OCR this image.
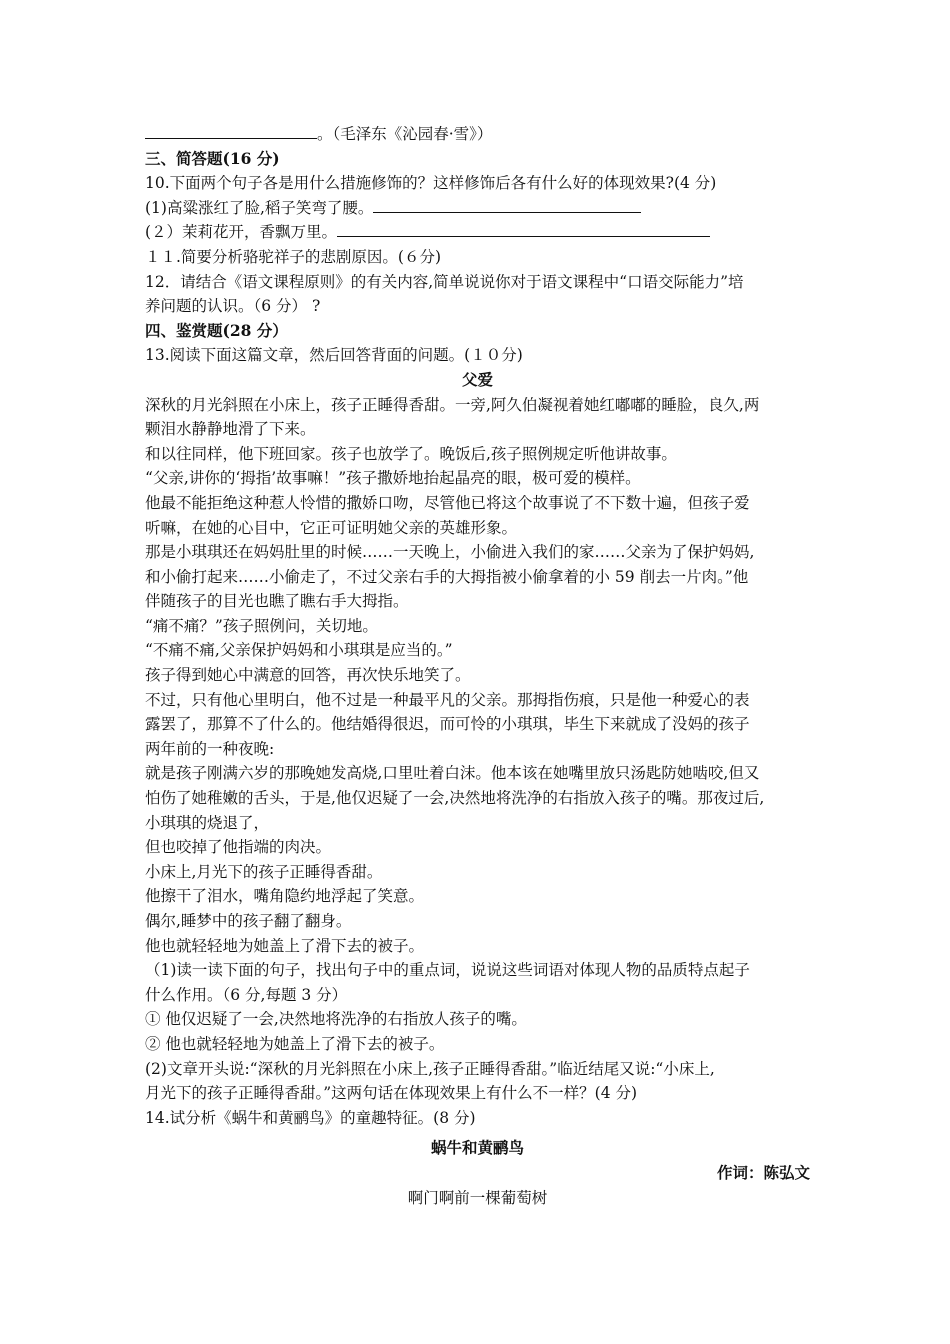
。（毛泽东《沁园春·雪》）
三、简答题(16 分)
10.下面两个句子各是用什么措施修饰的？这样修饰后各有什么好的体现效果?(4 分)
(1)高粱涨红了脸,稻子笑弯了腰。
(２）茉莉花开，香飘万里。
１１.简要分析骆驼祥子的悲剧原因。(６分)
12．请结合《语文课程原则》的有关内容,简单说说你对于语文课程中“口语交际能力”培
养问题的认识。（6 分） ?
四、鉴赏题(28 分）
13.阅读下面这篇文章，然后回答背面的问题。(１０分)
父爱
深秋的月光斜照在小床上，孩子正睡得香甜。一旁,阿久伯凝视着她红嘟嘟的睡脸，良久,两
颗泪水静静地滑了下来。
和以往同样，他下班回家。孩子也放学了。晚饭后,孩子照例规定听他讲故事。
“父亲,讲你的‘拇指’故事嘛！”孩子撒娇地抬起晶亮的眼，极可爱的模样。
他最不能拒绝这种惹人怜惜的撒娇口吻，尽管他已将这个故事说了不下数十遍，但孩子爱
听嘛，在她的心目中，它正可证明她父亲的英雄形象。
那是小琪琪还在妈妈肚里的时候……一天晚上，小偷进入我们的家……父亲为了保护妈妈,
和小偷打起来……小偷走了，不过父亲右手的大拇指被小偷拿着的小 59 削去一片肉。”他
伴随孩子的目光也瞧了瞧右手大拇指。
“痛不痛？”孩子照例问，关切地。
“不痛不痛,父亲保护妈妈和小琪琪是应当的。”
孩子得到她心中满意的回答，再次快乐地笑了。
不过，只有他心里明白，他不过是一种最平凡的父亲。那拇指伤痕，只是他一种爱心的表
露罢了，那算不了什么的。他结婚得很迟，而可怜的小琪琪，毕生下来就成了没妈的孩子
两年前的一种夜晚:
就是孩子刚满六岁的那晚她发高烧,口里吐着白沫。他本该在她嘴里放只汤匙防她啮咬,但又
怕伤了她稚嫩的舌头，于是,他仅迟疑了一会,决然地将洗净的右指放入孩子的嘴。那夜过后,
小琪琪的烧退了，
但也咬掉了他指端的肉决。
小床上,月光下的孩子正睡得香甜。
他擦干了泪水，嘴角隐约地浮起了笑意。
偶尔,睡梦中的孩子翻了翻身。
他也就轻轻地为她盖上了滑下去的被子。
（1)读一读下面的句子，找出句子中的重点词，说说这些词语对体现人物的品质特点起子
什么作用。（6 分,每题 3 分）
① 他仅迟疑了一会,决然地将洗净的右指放人孩子的嘴。
② 他也就轻轻地为她盖上了滑下去的被子。
(2)文章开头说:“深秋的月光斜照在小床上,孩子正睡得香甜。”临近结尾又说:“小床上,
月光下的孩子正睡得香甜。”这两句话在体现效果上有什么不一样？(4 分)
14.试分析《蜗牛和黄鹂鸟》的童趣特征。(8 分)
蜗牛和黄鹂鸟
作词：陈弘文
啊门啊前一棵葡萄树
